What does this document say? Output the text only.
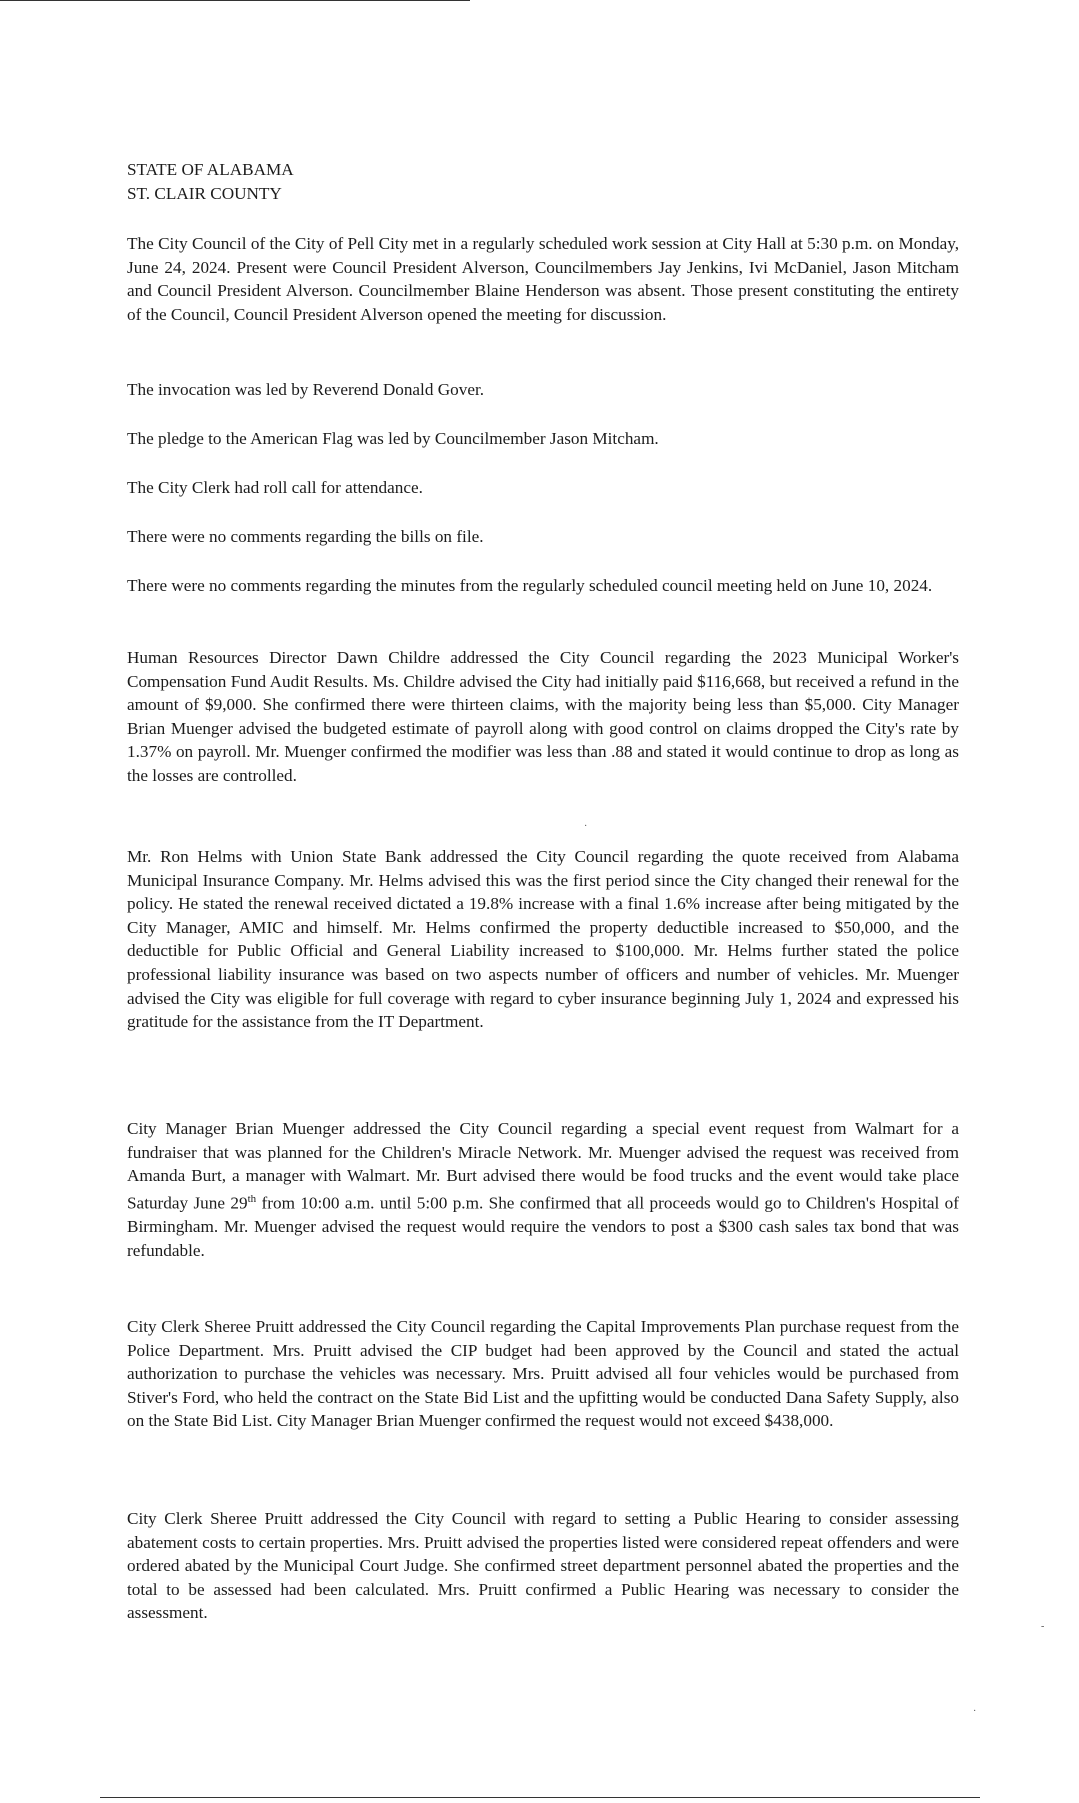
STATE OF ALABAMA
ST. CLAIR COUNTY

The City Council of the City of Pell City met in a regularly scheduled work session at City Hall at 5:30 p.m. on Monday, June 24, 2024. Present were Council President Alverson, Councilmembers Jay Jenkins, Ivi McDaniel, Jason Mitcham and Council President Alverson. Councilmember Blaine Henderson was absent. Those present constituting the entirety of the Council, Council President Alverson opened the meeting for discussion.

The invocation was led by Reverend Donald Gover.

The pledge to the American Flag was led by Councilmember Jason Mitcham.

The City Clerk had roll call for attendance.

There were no comments regarding the bills on file.

There were no comments regarding the minutes from the regularly scheduled council meeting held on June 10, 2024.

Human Resources Director Dawn Childre addressed the City Council regarding the 2023 Municipal Worker's Compensation Fund Audit Results. Ms. Childre advised the City had initially paid $116,668, but received a refund in the amount of $9,000. She confirmed there were thirteen claims, with the majority being less than $5,000. City Manager Brian Muenger advised the budgeted estimate of payroll along with good control on claims dropped the City's rate by 1.37% on payroll. Mr. Muenger confirmed the modifier was less than .88 and stated it would continue to drop as long as the losses are controlled.

Mr. Ron Helms with Union State Bank addressed the City Council regarding the quote received from Alabama Municipal Insurance Company. Mr. Helms advised this was the first period since the City changed their renewal for the policy. He stated the renewal received dictated a 19.8% increase with a final 1.6% increase after being mitigated by the City Manager, AMIC and himself. Mr. Helms confirmed the property deductible increased to $50,000, and the deductible for Public Official and General Liability increased to $100,000. Mr. Helms further stated the police professional liability insurance was based on two aspects number of officers and number of vehicles. Mr. Muenger advised the City was eligible for full coverage with regard to cyber insurance beginning July 1, 2024 and expressed his gratitude for the assistance from the IT Department.

City Manager Brian Muenger addressed the City Council regarding a special event request from Walmart for a fundraiser that was planned for the Children's Miracle Network. Mr. Muenger advised the request was received from Amanda Burt, a manager with Walmart. Mr. Burt advised there would be food trucks and the event would take place Saturday June 29th from 10:00 a.m. until 5:00 p.m. She confirmed that all proceeds would go to Children's Hospital of Birmingham. Mr. Muenger advised the request would require the vendors to post a $300 cash sales tax bond that was refundable.

City Clerk Sheree Pruitt addressed the City Council regarding the Capital Improvements Plan purchase request from the Police Department. Mrs. Pruitt advised the CIP budget had been approved by the Council and stated the actual authorization to purchase the vehicles was necessary. Mrs. Pruitt advised all four vehicles would be purchased from Stiver's Ford, who held the contract on the State Bid List and the upfitting would be conducted Dana Safety Supply, also on the State Bid List. City Manager Brian Muenger confirmed the request would not exceed $438,000.

City Clerk Sheree Pruitt addressed the City Council with regard to setting a Public Hearing to consider assessing abatement costs to certain properties. Mrs. Pruitt advised the properties listed were considered repeat offenders and were ordered abated by the Municipal Court Judge. She confirmed street department personnel abated the properties and the total to be assessed had been calculated. Mrs. Pruitt confirmed a Public Hearing was necessary to consider the assessment.

·
-
·
